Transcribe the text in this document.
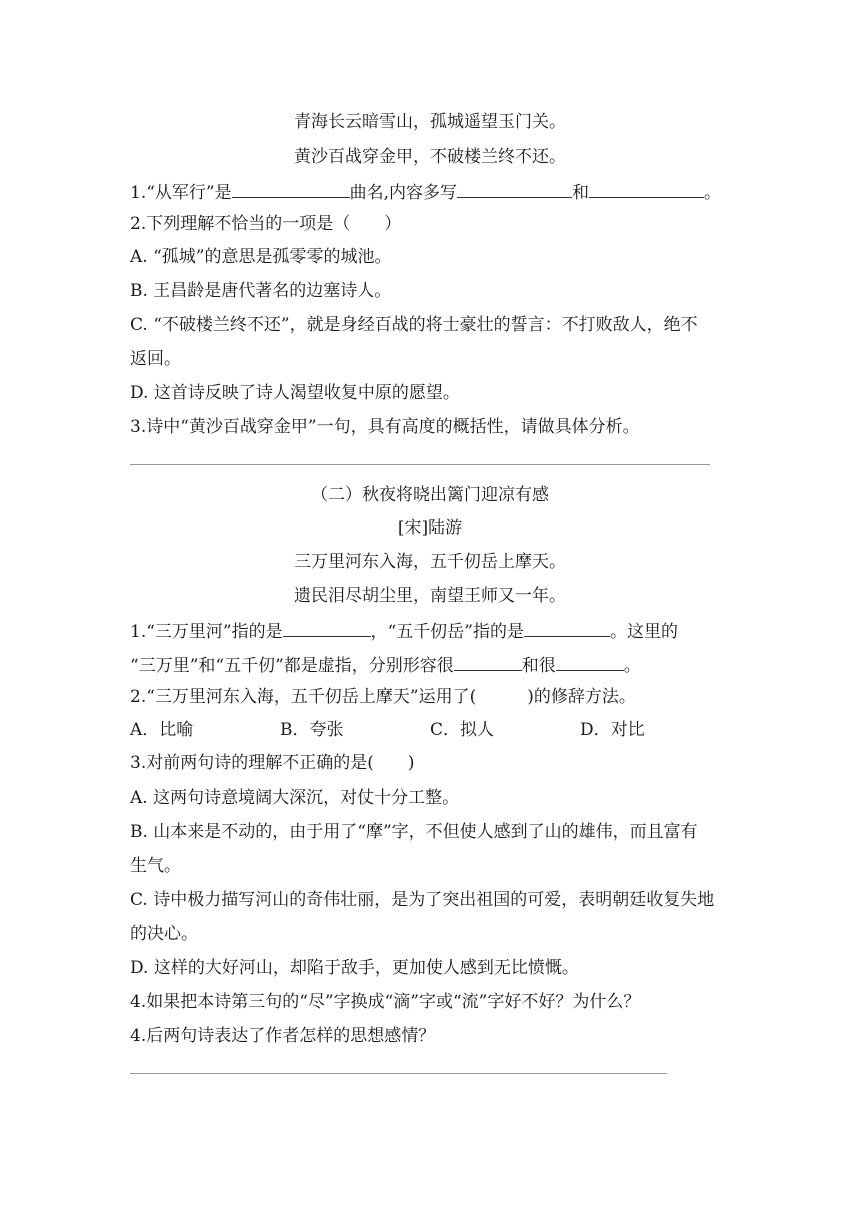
青海长云暗雪山，孤城遥望玉门关。
黄沙百战穿金甲，不破楼兰终不还。
1.“从军行”是	曲名,内容多写	和	。
2.下列理解不恰当的一项是（　　）
A. “孤城”的意思是孤零零的城池。
B. 王昌龄是唐代著名的边塞诗人。
C. “不破楼兰终不还”，就是身经百战的将士豪壮的誓言：不打败敌人，绝不
返回。
D. 这首诗反映了诗人渴望收复中原的愿望。
3.诗中“黄沙百战穿金甲”一句，具有高度的概括性，请做具体分析。
（二）秋夜将晓出篱门迎凉有感
[宋]陆游
三万里河东入海，五千仞岳上摩天。
遗民泪尽胡尘里，南望王师又一年。
1.“三万里河”指的是	，“五千仞岳”指的是	。这里的
“三万里”和“五千仞”都是虚指，分别形容很	和很	。
2.“三万里河东入海，五千仞岳上摩天”运用了(　　　)的修辞方法。
A．比喻	B．夸张	C．拟人	D．对比
3.对前两句诗的理解不正确的是(　　)
A. 这两句诗意境阔大深沉，对仗十分工整。
B. 山本来是不动的，由于用了“摩”字，不但使人感到了山的雄伟，而且富有
生气。
C. 诗中极力描写河山的奇伟壮丽，是为了突出祖国的可爱，表明朝廷收复失地
的决心。
D. 这样的大好河山，却陷于敌手，更加使人感到无比愤慨。
4.如果把本诗第三句的“尽”字换成“滴”字或“流”字好不好？为什么？
4.后两句诗表达了作者怎样的思想感情？
